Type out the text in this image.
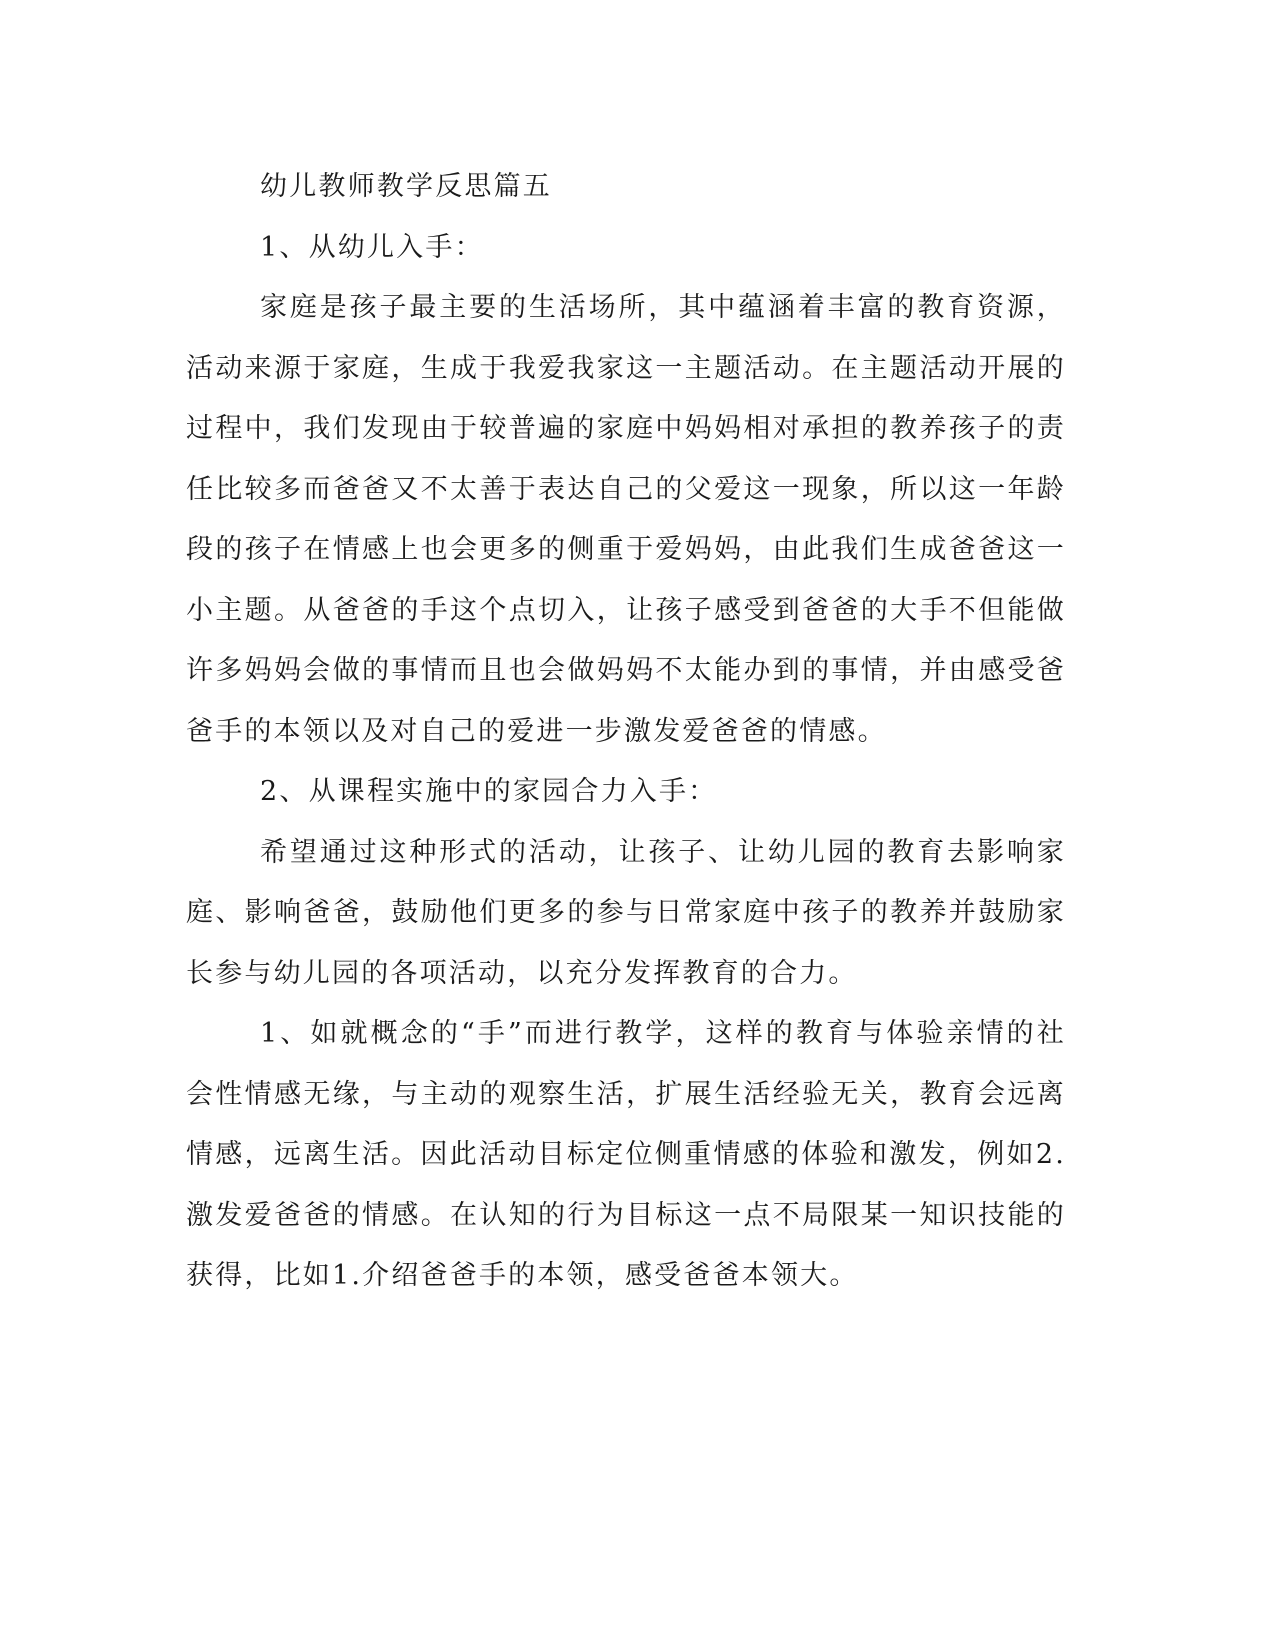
幼儿教师教学反思篇五

1、从幼儿入手：

家庭是孩子最主要的生活场所，其中蕴涵着丰富的教育资源，活动来源于家庭，生成于我爱我家这一主题活动。在主题活动开展的过程中，我们发现由于较普遍的家庭中妈妈相对承担的教养孩子的责任比较多而爸爸又不太善于表达自己的父爱这一现象，所以这一年龄段的孩子在情感上也会更多的侧重于爱妈妈，由此我们生成爸爸这一小主题。从爸爸的手这个点切入，让孩子感受到爸爸的大手不但能做许多妈妈会做的事情而且也会做妈妈不太能办到的事情，并由感受爸爸手的本领以及对自己的爱进一步激发爱爸爸的情感。

2、从课程实施中的家园合力入手：

希望通过这种形式的活动，让孩子、让幼儿园的教育去影响家庭、影响爸爸，鼓励他们更多的参与日常家庭中孩子的教养并鼓励家长参与幼儿园的各项活动，以充分发挥教育的合力。

1、如就概念的“手”而进行教学，这样的教育与体验亲情的社会性情感无缘，与主动的观察生活，扩展生活经验无关，教育会远离情感，远离生活。因此活动目标定位侧重情感的体验和激发，例如2.激发爱爸爸的情感。在认知的行为目标这一点不局限某一知识技能的获得，比如1.介绍爸爸手的本领，感受爸爸本领大。
